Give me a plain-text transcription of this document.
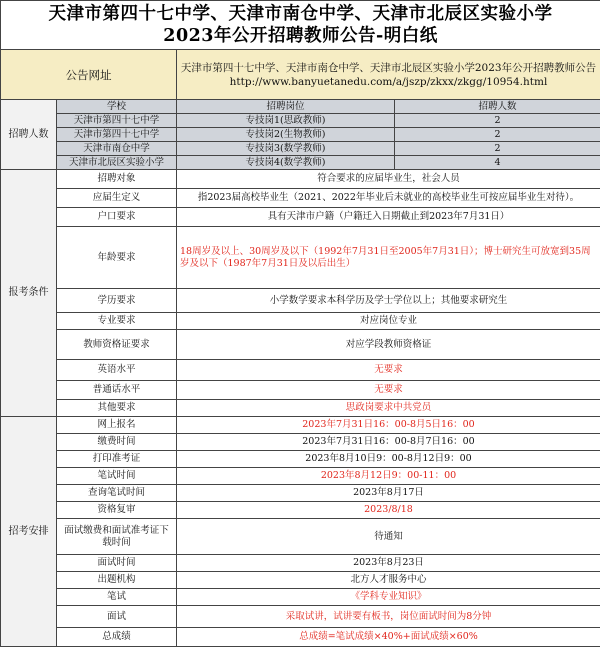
天津市第四十七中学、天津市南仓中学、天津市北辰区实验小学
2023年公开招聘教师公告-明白纸			

公告网址		天津市第四十七中学、天津市南仓中学、天津市北辰区实验小学2023年公开招聘教师公告
http://www.banyuetanedu.com/a/jszp/zkxx/zkgg/10954.html	

招聘人数	学校	招聘岗位	招聘人数
	天津市第四十七中学	专技岗1(思政教师)	2
	天津市第四十七中学	专技岗2(生物教师)	2
	天津市南仓中学	专技岗3(数学教师)	2
	天津市北辰区实验小学	专技岗4(数学教师)	4
报考条件	招聘对象	符合要求的应届毕业生，社会人员	
	应届生定义	指2023届高校毕业生（2021、2022年毕业后未就业的高校毕业生可按应届毕业生对待）。	
	户口要求	具有天津市户籍（户籍迁入日期截止到2023年7月31日）	
	年龄要求	18周岁及以上、30周岁及以下（1992年7月31日至2005年7月31日）；博士研究生可放宽到35周岁及以下（1987年7月31日及以后出生）	
	学历要求	小学数学要求本科学历及学士学位以上；其他要求研究生	
	专业要求	对应岗位专业	
	教师资格证要求	对应学段教师资格证	
	英语水平	无要求	
	普通话水平	无要求	
	其他要求	思政岗要求中共党员	
招考安排	网上报名	2023年7月31日16：00-8月5日16：00	
	缴费时间	2023年7月31日16：00-8月7日16：00	
	打印准考证	2023年8月10日9：00-8月12日9：00	
	笔试时间	2023年8月12日9：00-11：00	
	查询笔试时间	2023年8月17日	
	资格复审	2023/8/18	
	面试缴费和面试准考证下载时间	待通知	
	面试时间	2023年8月23日	
	出题机构	北方人才服务中心	
	笔试	《学科专业知识》	
	面试	采取试讲，试讲要有板书，岗位面试时间为8分钟	
	总成绩	总成绩=笔试成绩×40%+面试成绩×60%	
